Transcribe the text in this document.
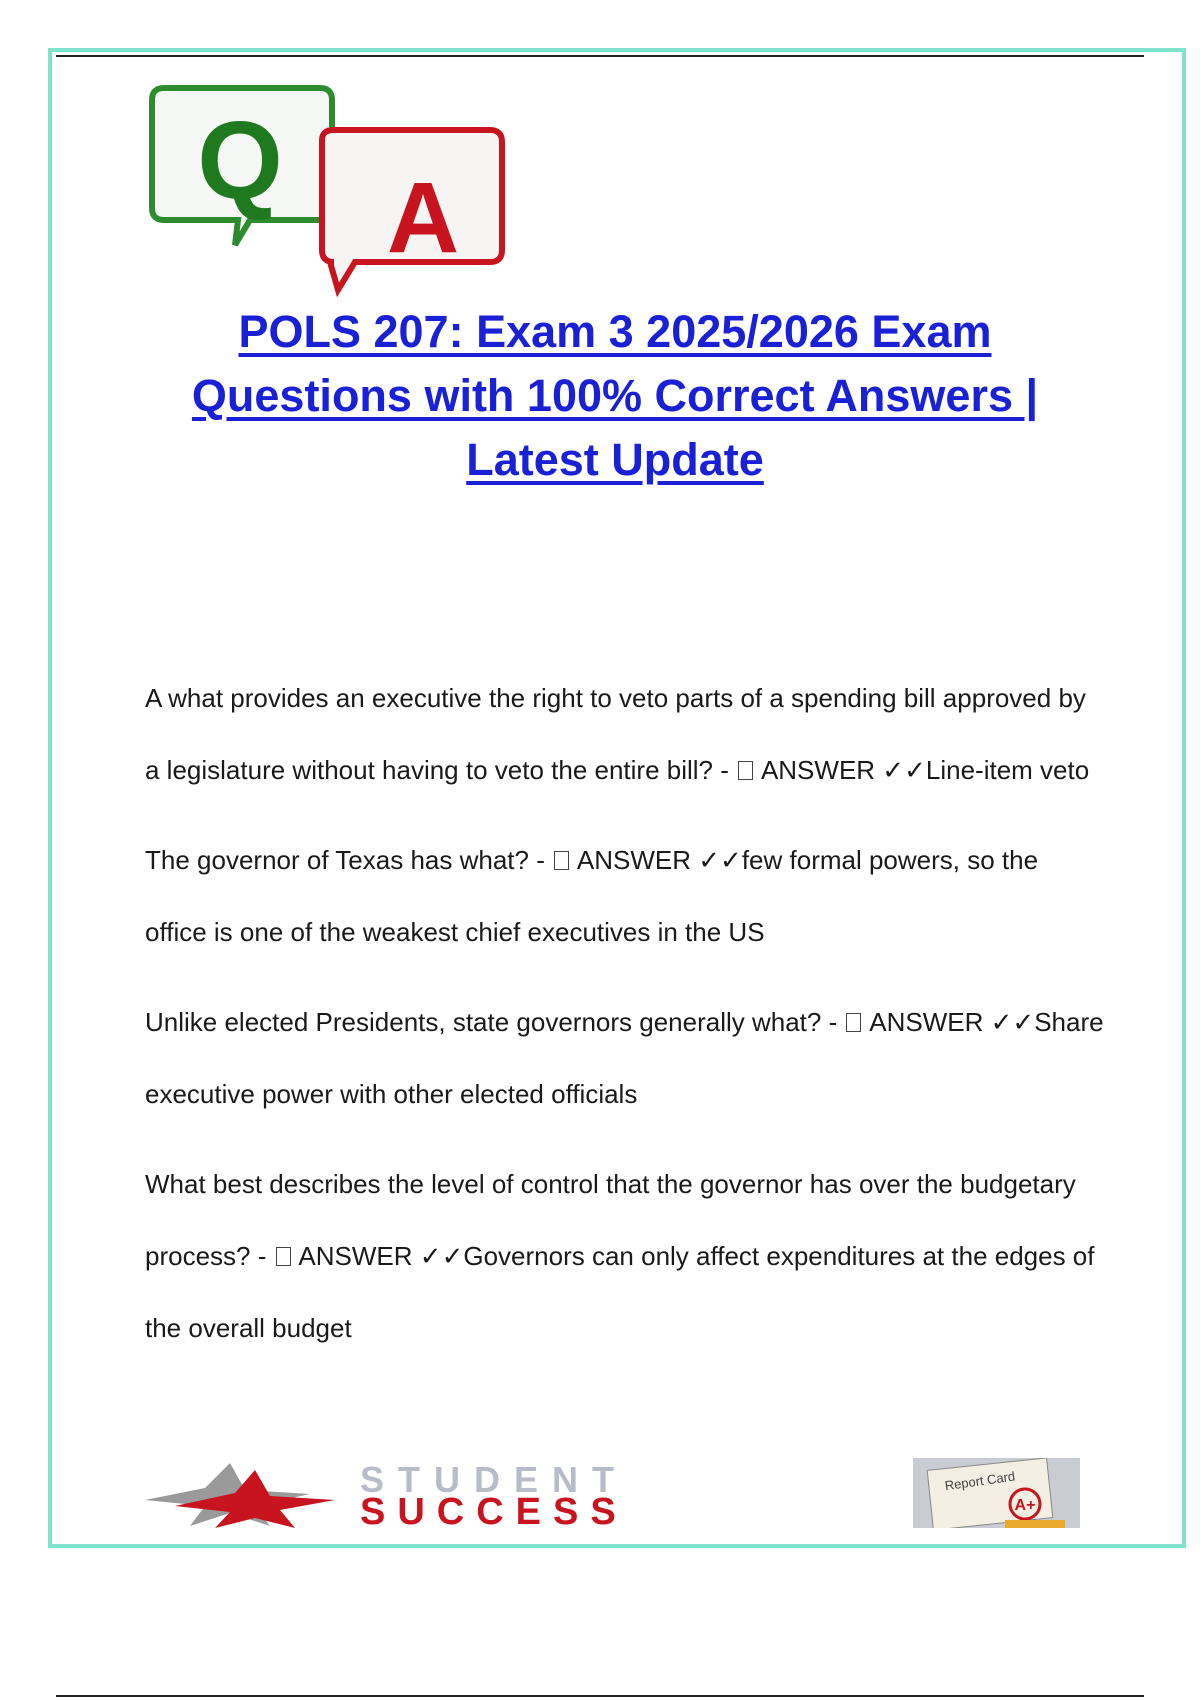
Q A
POLS 207: Exam 3 2025/2026 Exam Questions with 100% Correct Answers | Latest Update

A what provides an executive the right to veto parts of a spending bill approved by a legislature without having to veto the entire bill? - ANSWER ✓✓Line-item veto

The governor of Texas has what? - ANSWER ✓✓few formal powers, so the office is one of the weakest chief executives in the US

Unlike elected Presidents, state governors generally what? - ANSWER ✓✓Share executive power with other elected officials

What best describes the level of control that the governor has over the budgetary process? - ANSWER ✓✓Governors can only affect expenditures at the edges of the overall budget

STUDENT
SUCCESS
Report Card
A+
